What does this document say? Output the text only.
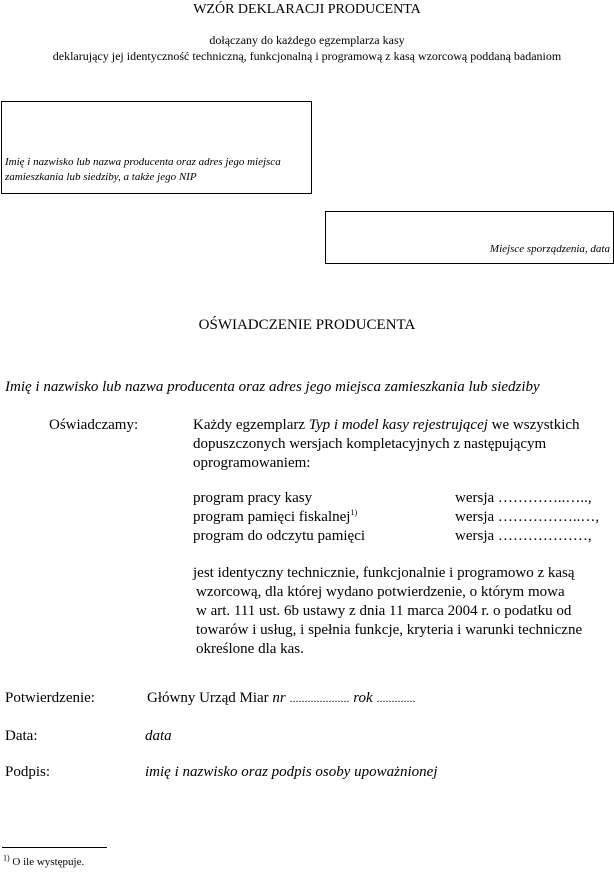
WZÓR DEKLARACJI PRODUCENTA
dołączany do każdego egzemplarza kasy
deklarujący jej identyczność techniczną, funkcjonalną i programową z kasą wzorcową poddaną badaniom
Imię i nazwisko lub nazwa producenta oraz adres jego miejsca
zamieszkania lub siedziby, a także jego NIP
Miejsce sporządzenia, data
OŚWIADCZENIE PRODUCENTA
Imię i nazwisko lub nazwa producenta oraz adres jego miejsca zamieszkania lub siedziby
Oświadczamy:	Każdy egzemplarz Typ i model kasy rejestrującej we wszystkich
dopuszczonych wersjach kompletacyjnych z następującym
oprogramowaniem:
program pracy kasy	wersja …………..…..,
program pamięci fiskalnej$^{1)}$	wersja ……………..…,
program do odczytu pamięci	wersja ………………,
jest identyczny technicznie, funkcjonalnie i programowo z kasą
wzorcową, dla której wydano potwierdzenie, o którym mowa
w art. 111 ust. 6b ustawy z dnia 11 marca 2004 r. o podatku od
towarów i usług, i spełnia funkcje, kryteria i warunki techniczne
określone dla kas.
Potwierdzenie:	Główny Urząd Miar nr .................... rok .............
Data:	data
Podpis:	imię i nazwisko oraz podpis osoby upoważnionej
$^{1)}$ O ile występuje.
